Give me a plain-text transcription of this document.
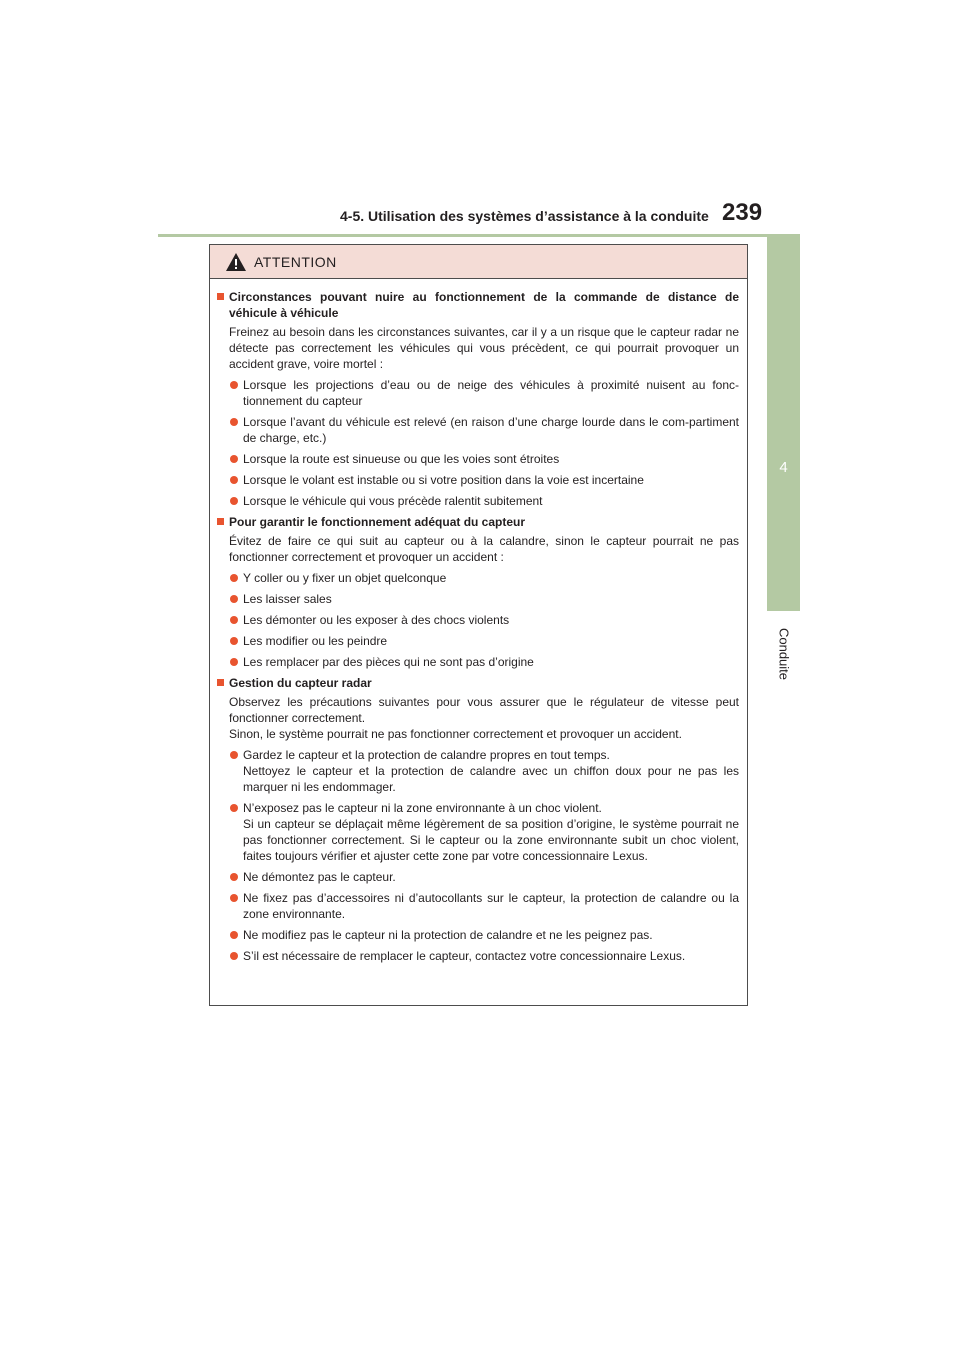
4-5. Utilisation des systèmes d’assistance à la conduite 239
4
Conduite
ATTENTION
Circonstances pouvant nuire au fonctionnement de la commande de distance de véhicule à véhicule
Freinez au besoin dans les circonstances suivantes, car il y a un risque que le capteur radar ne détecte pas correctement les véhicules qui vous précèdent, ce qui pourrait provoquer un accident grave, voire mortel :
Lorsque les projections d’eau ou de neige des véhicules à proximité nuisent au fonc-tionnement du capteur
Lorsque l’avant du véhicule est relevé (en raison d’une charge lourde dans le com-partiment de charge, etc.)
Lorsque la route est sinueuse ou que les voies sont étroites
Lorsque le volant est instable ou si votre position dans la voie est incertaine
Lorsque le véhicule qui vous précède ralentit subitement
Pour garantir le fonctionnement adéquat du capteur
Évitez de faire ce qui suit au capteur ou à la calandre, sinon le capteur pourrait ne pas fonctionner correctement et provoquer un accident :
Y coller ou y fixer un objet quelconque
Les laisser sales
Les démonter ou les exposer à des chocs violents
Les modifier ou les peindre
Les remplacer par des pièces qui ne sont pas d’origine
Gestion du capteur radar
Observez les précautions suivantes pour vous assurer que le régulateur de vitesse peut fonctionner correctement.
Sinon, le système pourrait ne pas fonctionner correctement et provoquer un accident.
Gardez le capteur et la protection de calandre propres en tout temps.
Nettoyez le capteur et la protection de calandre avec un chiffon doux pour ne pas les marquer ni les endommager.
N’exposez pas le capteur ni la zone environnante à un choc violent.
Si un capteur se déplaçait même légèrement de sa position d’origine, le système pourrait ne pas fonctionner correctement. Si le capteur ou la zone environnante subit un choc violent, faites toujours vérifier et ajuster cette zone par votre concessionnaire Lexus.
Ne démontez pas le capteur.
Ne fixez pas d’accessoires ni d’autocollants sur le capteur, la protection de calandre ou la zone environnante.
Ne modifiez pas le capteur ni la protection de calandre et ne les peignez pas.
S’il est nécessaire de remplacer le capteur, contactez votre concessionnaire Lexus.
